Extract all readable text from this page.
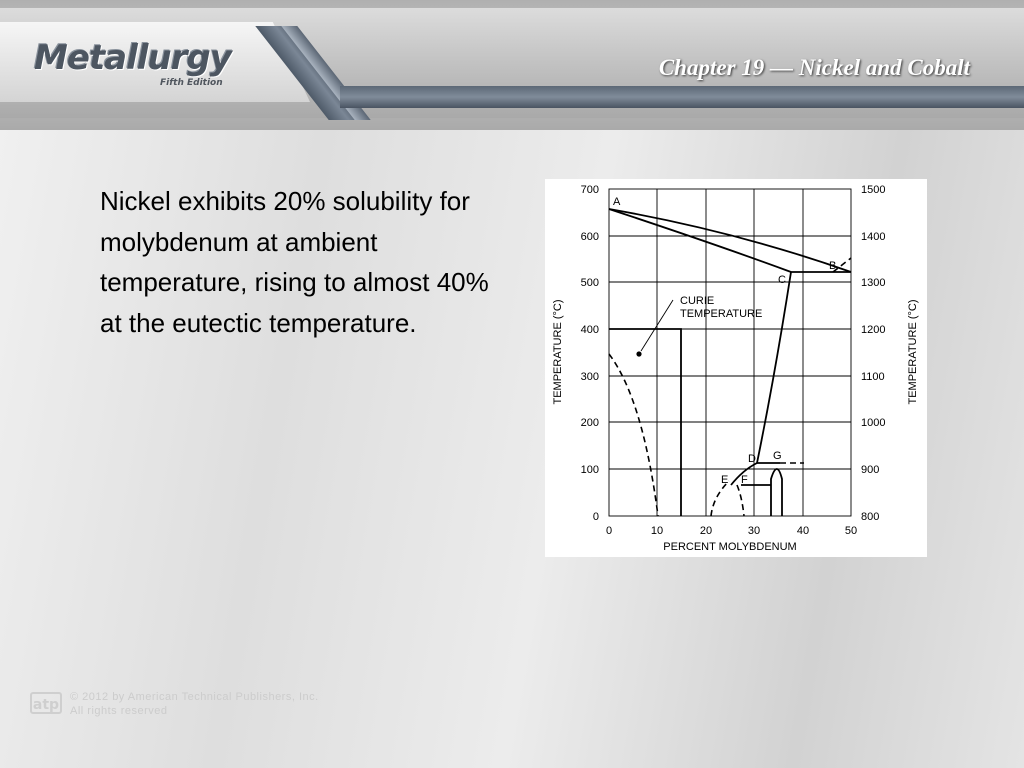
Metallurgy
Fifth Edition
Chapter 19 — Nickel and Cobalt

Nickel exhibits 20% solubility for molybdenum at ambient temperature, rising to almost 40% at the eutectic temperature.

CURIE
TEMPERATURE
A
B
C
D
E F
G
700
600
500
400
300
200
100
0
1500
1400
1300
1200
1100
1000
900
800
0	10	20	30	40	50
PERCENT MOLYBDENUM
TEMPERATURE (°C)	TEMPERATURE (°C)
atp © 2012 by American Technical Publishers, Inc.
All rights reserved
